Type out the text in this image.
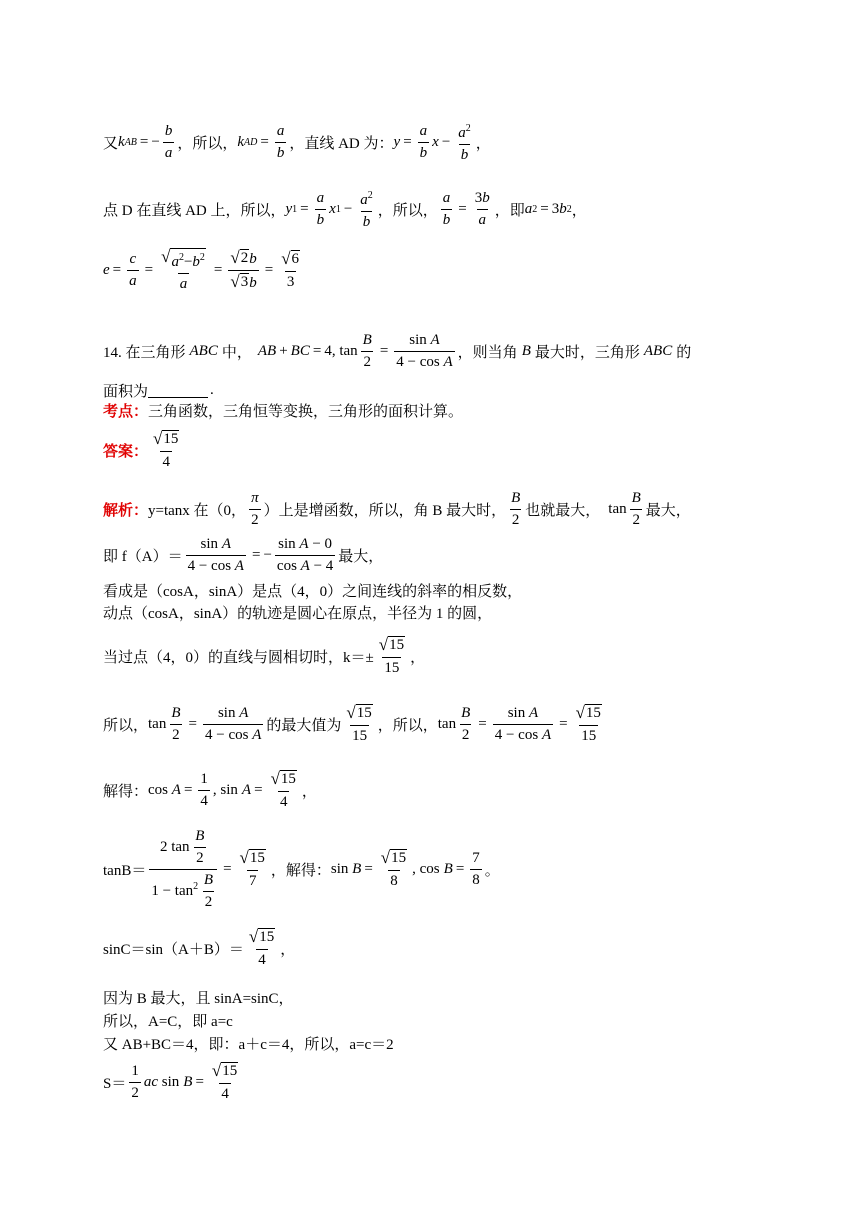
又 k AB = − $\frac{b}{a}$ ，所以， k AD = $\frac{a}{b}$ ，直线 AD 为： $y = \frac{a}{b}$ $x - \frac{a^2}{b}$ ，
点 D 在直线 AD 上，所以， y $1 = \frac{a}{b}$ x $1 - \frac{a^2}{b}$ ，所以， $\frac{a}{b} = \frac{3b}{a}$ ，即 a 2 = 3 b 2 ，
$e = \frac{c}{a} = \frac{√ a^2-b^2}{a} = \frac{√ 2 b}{√ 3 b} = \frac{√ 6}{3}$
14. 在三角形 ABC 中， AB + BC = 4, $\tan \frac{B}{2} = \frac{\text{sin A}}{\text{4 − cos A}}$ ，则当角 B 最大时，三角形 ABC 的
面积为	.
考点： 三角函数，三角恒等变换，三角形的面积计算。
答案： $\frac{√ 15}{4}$
解析： y=tanx 在（0， $\frac{\pi}{2}$ ）上是增函数，所以，角 B 最大时， $\frac{B}{2}$ 也就最大， $\tan \frac{B}{2}$ 最大，
即 $f(A)= \frac{\text{sin A}}{\text{4 − cos A}}$ = − $\frac{\text{sin A − 0}}{\text{cos A − 4}}$ 最大，
看成是（cosA，sinA）是点（4，0）之间连线的斜率的相反数，
动点（cosA，sinA）的轨迹是圆心在原点，半径为 1 的圆，
当过点（4，0）的直线与圆相切时，$k=\pm \frac{√ 15}{15}$ ，
所以， $\tan \frac{B}{2} = \frac{\text{sin A}}{\text{4 − cos A}}$ 的最大值为 $\frac{√ 15}{15}$ ，所以， $\tan \frac{B}{2} = \frac{\text{sin A}}{\text{4 − cos A}} = \frac{√ 15}{15}$
解得： $\cos A = \frac{1}{4}$ , $\sin A = \frac{√ 15}{4}$ ，
$\tan B= \frac{2 \tan \frac{B}{2}}{1 - \tan^2 \frac{B}{2}} = \frac{√ 15}{7}$ ，解得： $\sin B = \frac{√ 15}{8}$ , $\cos B = \frac{7}{8}$ 。
$\sin C=\sin(A+B)= \frac{√ 15}{4}$ ，
因为 B 最大，且 sinA=sinC，
所以，A=C，即 a=c
又 AB+BC＝4，即：a＋c＝4，所以，a=c＝2
$S= \frac{1}{2}$ ac $\sin B = \frac{√ 15}{4}$
